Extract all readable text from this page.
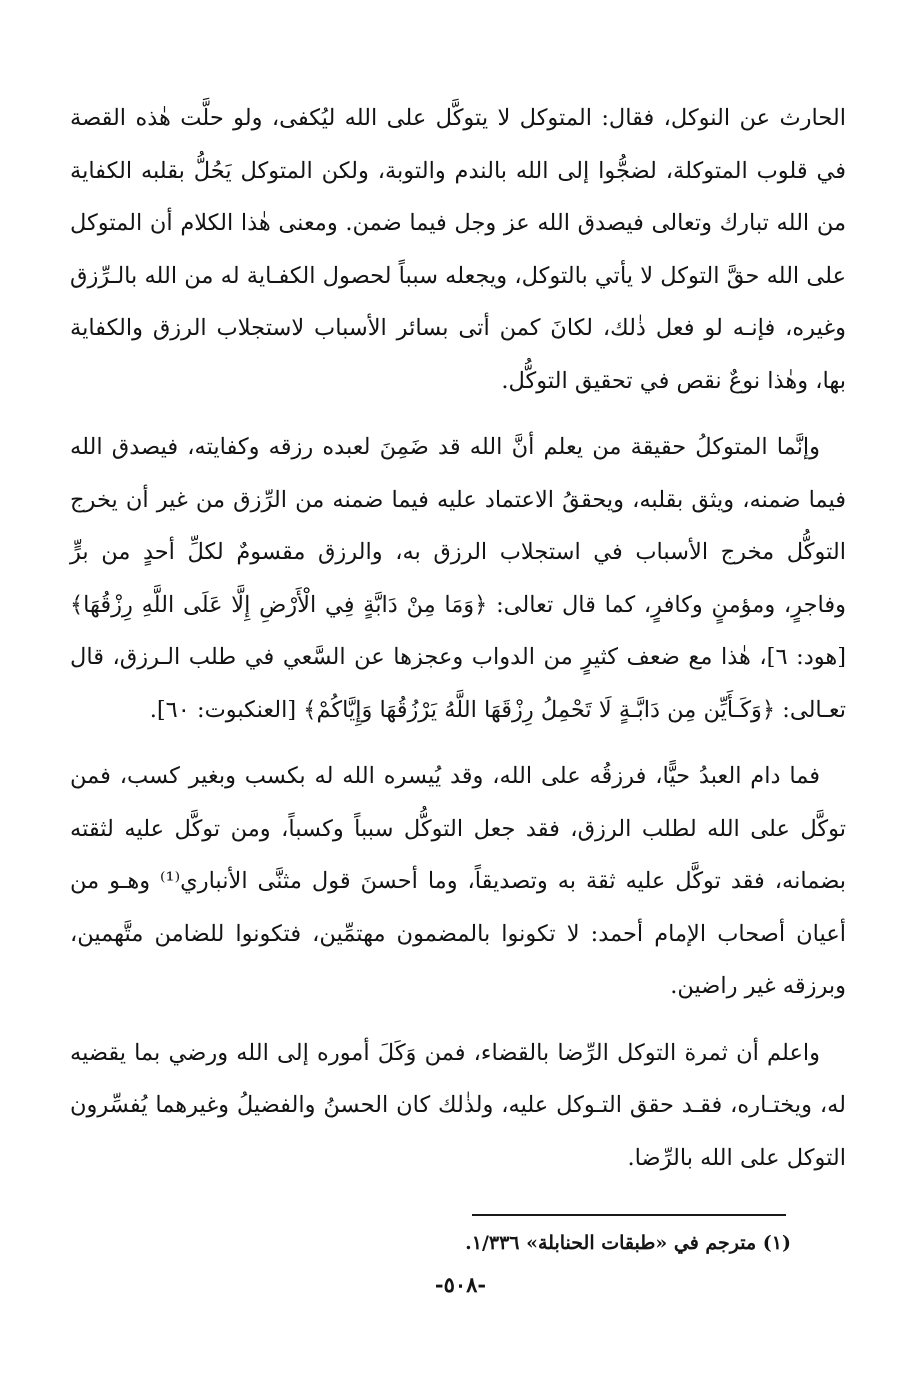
الحارث عن النوكل، فقال: المتوكل لا يتوكَّل على الله ليُكفى، ولو حلَّت هٰذه القصة في قلوب المتوكلة، لضجُّوا إلى الله بالندم والتوبة، ولكن المتوكل يَحُلُّ بقلبه الكفاية من الله تبارك وتعالى فيصدق الله عز وجل فيما ضمن. ومعنى هٰذا الكلام أن المتوكل على الله حقَّ التوكل لا يأتي بالتوكل، ويجعله سبباً لحصول الكفـاية له من الله بالـرِّزق وغيره، فإنـه لو فعل ذٰلك، لكانَ كمن أتى بسائر الأسباب لاستجلاب الرزق والكفاية بها، وهٰذا نوعٌ نقص في تحقيق التوكُّل.

وإنَّما المتوكلُ حقيقة من يعلم أنَّ الله قد ضَمِنَ لعبده رزقه وكفايته، فيصدق الله فيما ضمنه، ويثق بقلبه، ويحققُ الاعتماد عليه فيما ضمنه من الرِّزق من غير أن يخرج التوكُّل مخرج الأسباب في استجلاب الرزق به، والرزق مقسومٌ لكلِّ أحدٍ من برٍّ وفاجرٍ، ومؤمنٍ وكافرٍ، كما قال تعالى: ﴿وَمَا مِنْ دَابَّةٍ فِي الْأَرْضِ إِلَّا عَلَى اللَّهِ رِزْقُهَا﴾ [هود: ٦]، هٰذا مع ضعف كثيرٍ من الدواب وعجزها عن السَّعي في طلب الـرزق، قال تعـالى: ﴿وَكَـأَيِّن مِن دَابَّـةٍ لَا تَحْمِلُ رِزْقَهَا اللَّهُ يَرْزُقُهَا وَإِيَّاكُمْ﴾ [العنكبوت: ٦٠].

فما دام العبدُ حيًّا، فرزقُه على الله، وقد يُيسره الله له بكسب وبغير كسب، فمن توكَّل على الله لطلب الرزق، فقد جعل التوكُّل سبباً وكسباً، ومن توكَّل عليه لثقته بضمانه، فقد توكَّل عليه ثقة به وتصديقاً، وما أحسنَ قول مثنَّى الأنباري⁽¹⁾ وهـو من أعيان أصحاب الإمام أحمد: لا تكونوا بالمضمون مهتمِّين، فتكونوا للضامن متَّهمين، وبرزقه غير راضين.

واعلم أن ثمرة التوكل الرِّضا بالقضاء، فمن وَكَلَ أموره إلى الله ورضي بما يقضيه له، ويختـاره، فقـد حقق التـوكل عليه، ولذٰلك كان الحسنُ والفضيلُ وغيرهما يُفسِّرون التوكل على الله بالرِّضا.

(١) مترجم في «طبقات الحنابلة» ١/٣٣٦.

-٥٠٨-
